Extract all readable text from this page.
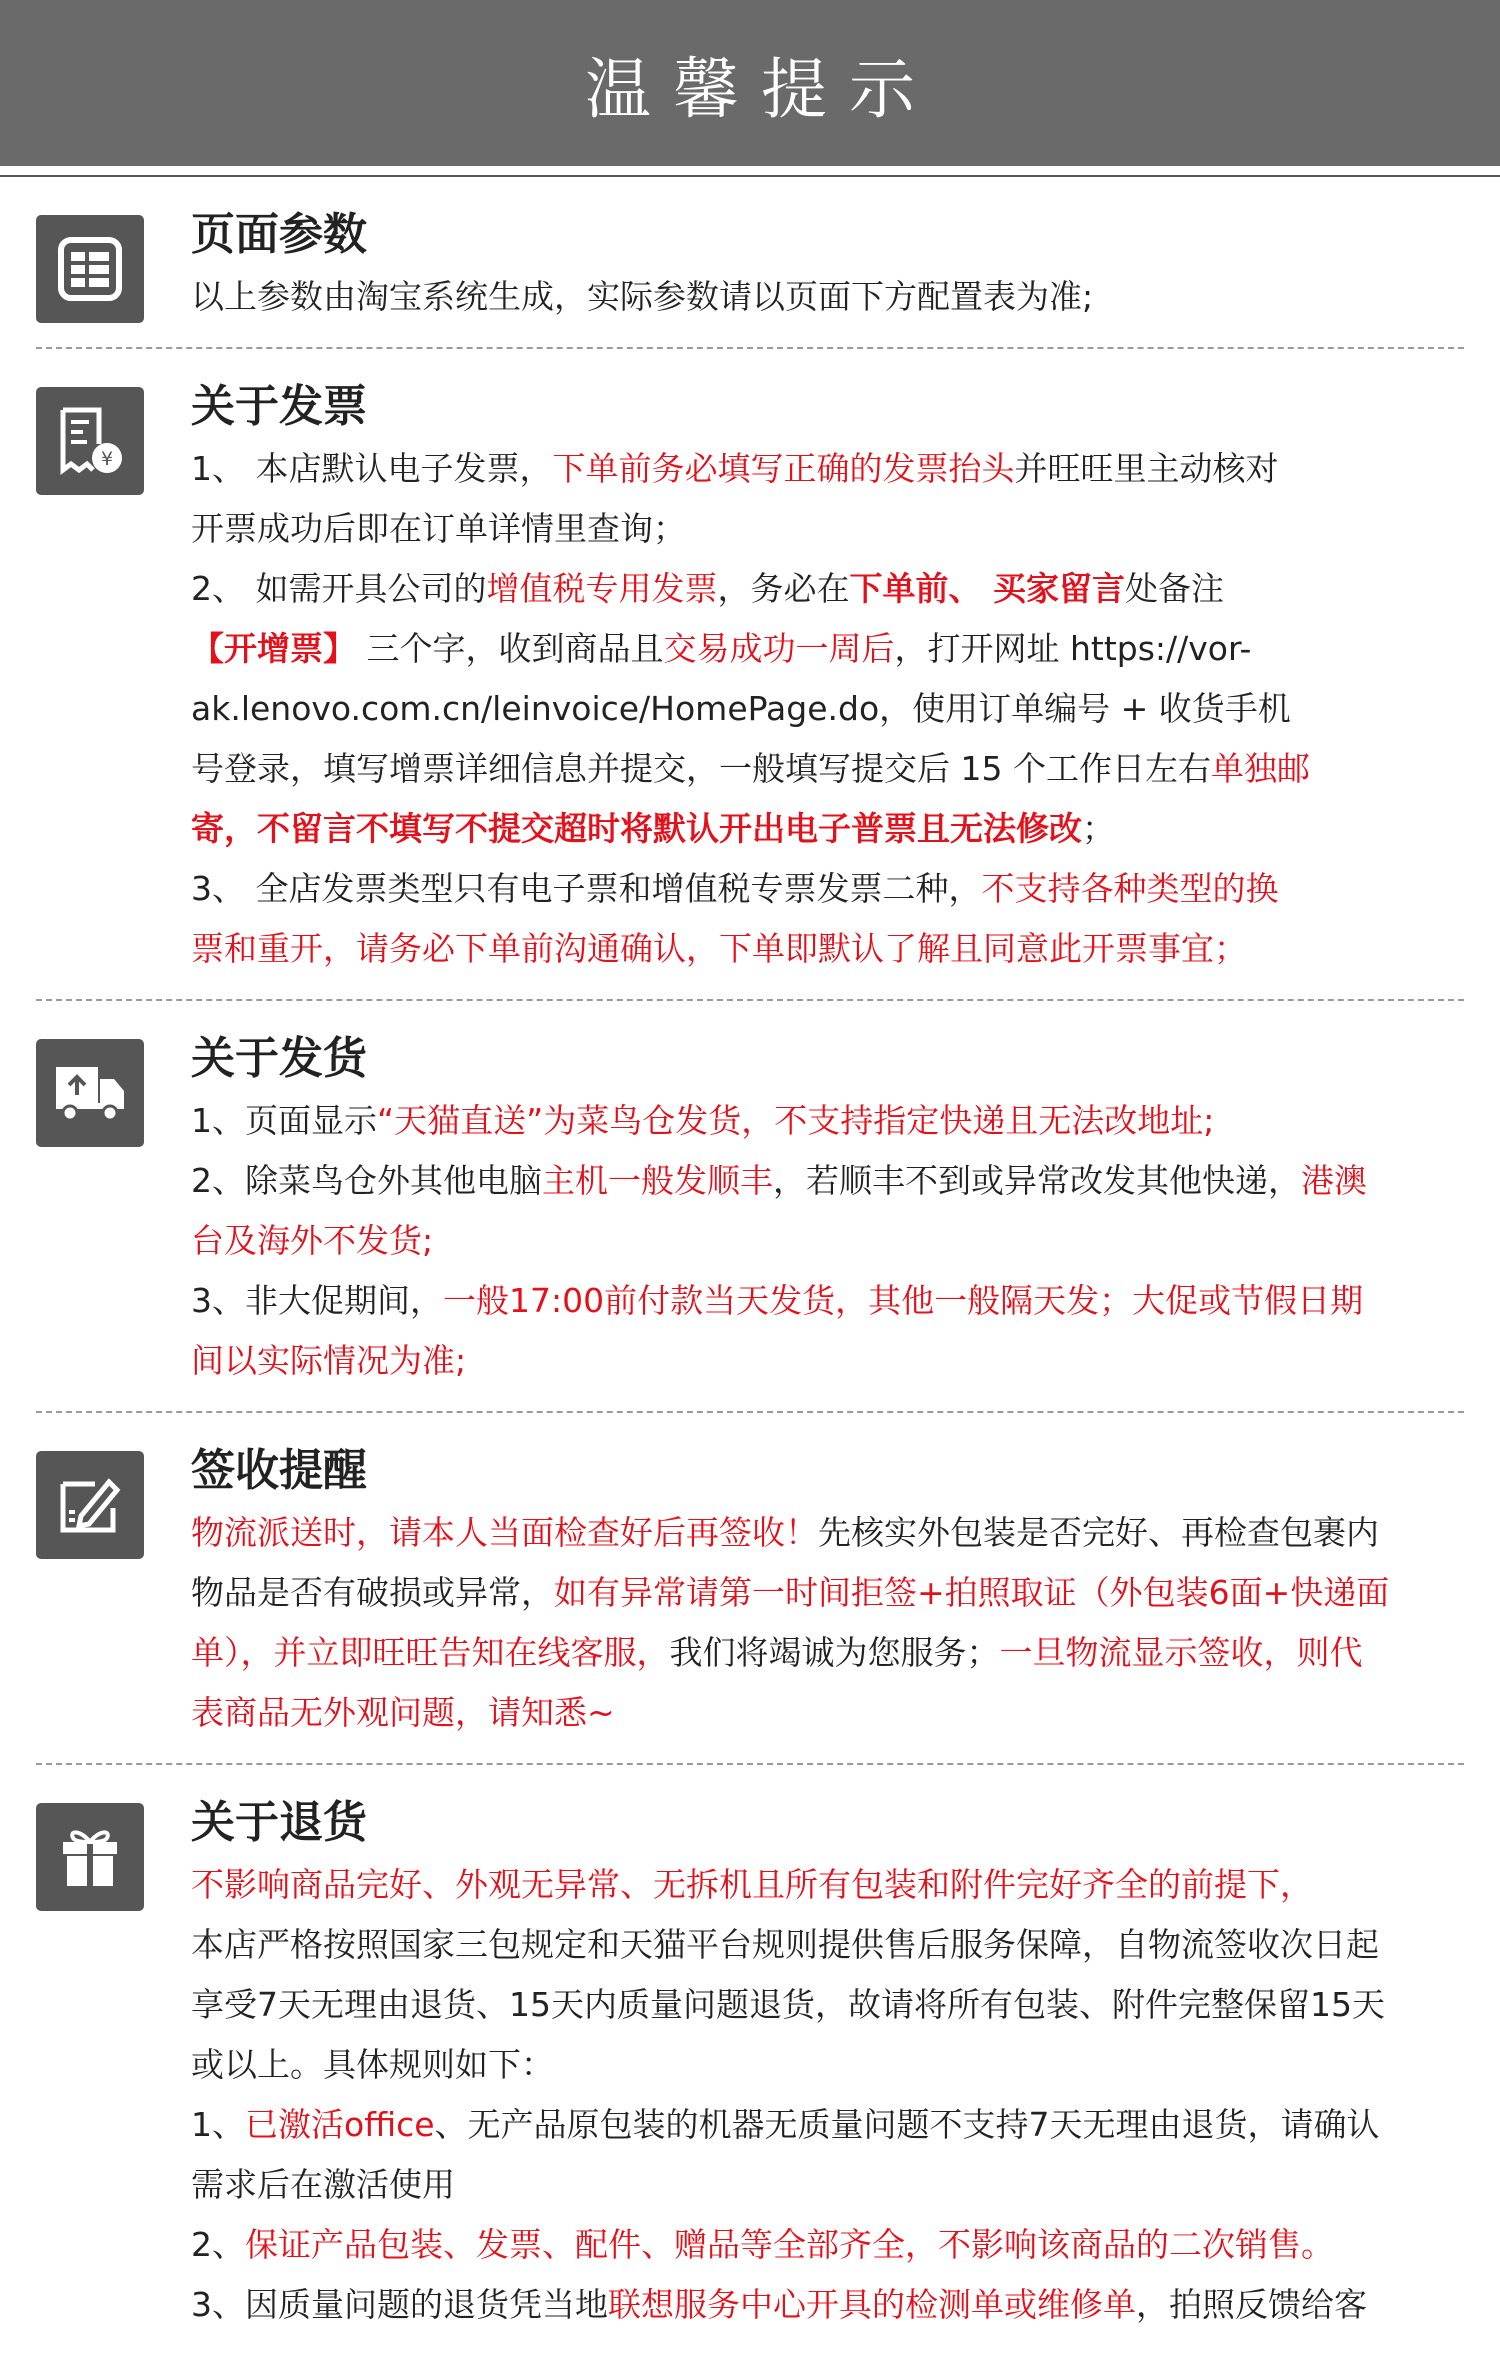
温馨提示
页面参数

以上参数由淘宝系统生成，实际参数请以页面下方配置表为准;

¥
关于发票

1、 本店默认电子发票，下单前务必填写正确的发票抬头并旺旺里主动核对

开票成功后即在订单详情里查询；

2、 如需开具公司的增值税专用发票，务必在下单前、 买家留言处备注

【开增票】 三个字，收到商品且交易成功一周后，打开网址 https://vor-

ak.lenovo.com.cn/leinvoice/HomePage.do，使用订单编号 + 收货手机

号登录，填写增票详细信息并提交，一般填写提交后 15 个工作日左右单独邮

寄，不留言不填写不提交超时将默认开出电子普票且无法修改；

3、 全店发票类型只有电子票和增值税专票发票二种，不支持各种类型的换

票和重开，请务必下单前沟通确认，下单即默认了解且同意此开票事宜；

关于发货

1、页面显示“天猫直送”为菜鸟仓发货，不支持指定快递且无法改地址;

2、除菜鸟仓外其他电脑主机一般发顺丰，若顺丰不到或异常改发其他快递，港澳

台及海外不发货;

3、非大促期间，一般17:00前付款当天发货，其他一般隔天发；大促或节假日期

间以实际情况为准;

签收提醒

物流派送时，请本人当面检查好后再签收！先核实外包装是否完好、再检查包裹内

物品是否有破损或异常，如有异常请第一时间拒签+拍照取证（外包装6面+快递面

单），并立即旺旺告知在线客服，我们将竭诚为您服务；一旦物流显示签收，则代

表商品无外观问题，请知悉~

关于退货

不影响商品完好、外观无异常、无拆机且所有包装和附件完好齐全的前提下，

本店严格按照国家三包规定和天猫平台规则提供售后服务保障，自物流签收次日起

享受7天无理由退货、15天内质量问题退货，故请将所有包装、附件完整保留15天

或以上。具体规则如下：

1、已激活office、无产品原包装的机器无质量问题不支持7天无理由退货，请确认

需求后在激活使用

2、保证产品包装、发票、配件、赠品等全部齐全，不影响该商品的二次销售。

3、因质量问题的退货凭当地联想服务中心开具的检测单或维修单，拍照反馈给客
